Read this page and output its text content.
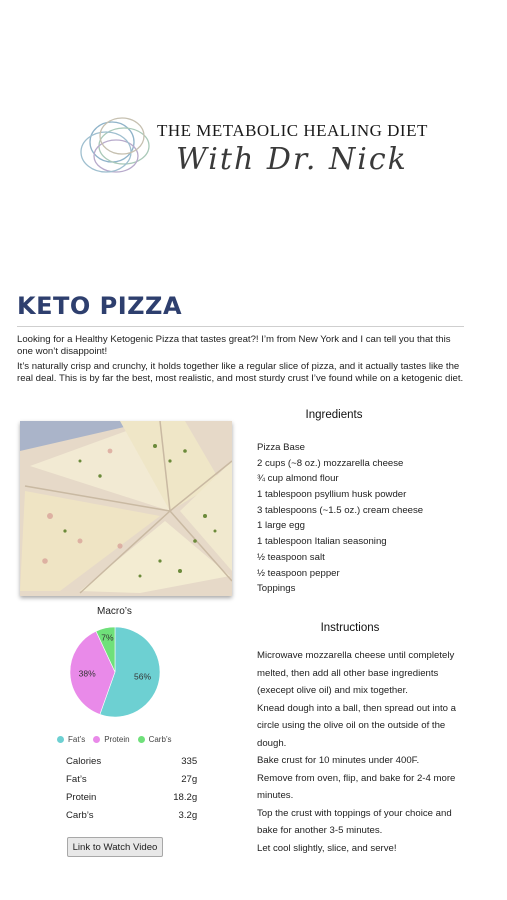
THE METABOLIC HEALING DIET
With Dr. Nick
KETO PIZZA

Looking for a Healthy Ketogenic Pizza that tastes great?! I’m from New York and I can tell you that this one won’t disappoint!

It’s naturally crisp and crunchy, it holds together like a regular slice of pizza, and it actually tastes like the real deal. This is by far the best, most realistic, and most sturdy crust I’ve found while on a ketogenic diet.

Macro’s
56%
38%
7%
Fat’s Protein Carb’s
Calories	335
Fat’s	27g
Protein	18.2g
Carb’s	3.2g
Link to Watch Video
Ingredients
Pizza Base
2 cups (~8 oz.) mozzarella cheese
¾ cup almond flour
1 tablespoon psyllium husk powder
3 tablespoons (~1.5 oz.) cream cheese
1 large egg
1 tablespoon Italian seasoning
½ teaspoon salt
½ teaspoon pepper
Toppings
Instructions

Microwave mozzarella cheese until completely melted, then add all other base ingredients (execept olive oil) and mix together.

Knead dough into a ball, then spread out into a circle using the olive oil on the outside of the dough.

Bake crust for 10 minutes under 400F.

Remove from oven, flip, and bake for 2-4 more minutes.

Top the crust with toppings of your choice and bake for another 3-5 minutes.

Let cool slightly, slice, and serve!
